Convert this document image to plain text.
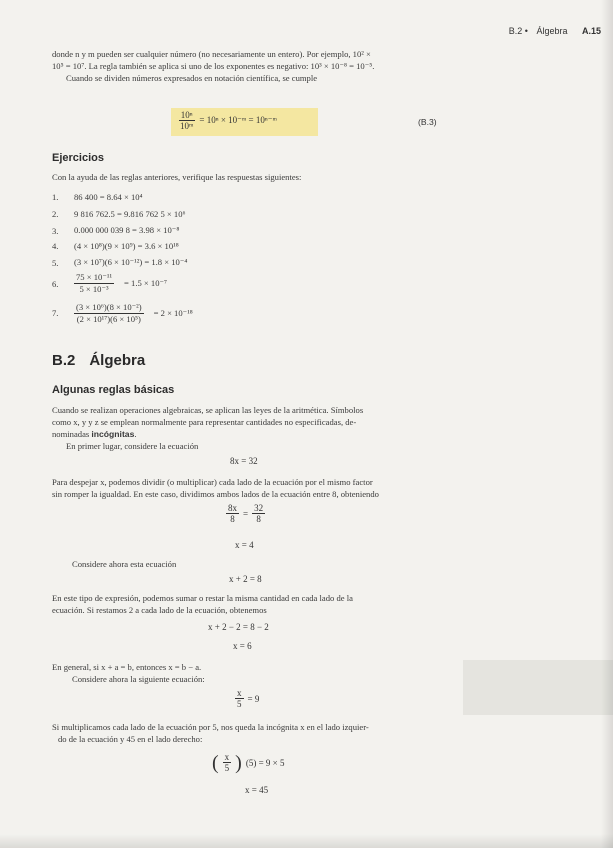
B.2 • Álgebra A.15
donde n y m pueden ser cualquier número (no necesariamente un entero). Por ejemplo, 10² ×
10⁵ = 10⁷. La regla también se aplica si uno de los exponentes es negativo: 10³ × 10⁻⁸ = 10⁻⁵.
Cuando se dividen números expresados en notación científica, se cumple
$\frac{\text{10ⁿ}}{\text{10ᵐ}} = 10^n$ × 10⁻ᵐ = 10ⁿ⁻ᵐ	(B.3)
Ejercicios
Con la ayuda de las reglas anteriores, verifique las respuestas siguientes:
1.	86 400 = 8.64 × 10⁴
2.	9 816 762.5 = 9.816 762 5 × 10⁶
3.	0.000 000 039 8 = 3.98 × 10⁻⁸
4.	(4 × 10⁸)(9 × 10⁹) = 3.6 × 10¹⁸
5.	(3 × 10⁷)(6 × 10⁻¹²) = 1.8 × 10⁻⁴
6.	$\frac{\text{75 × 10⁻¹¹}}{\text{5 × 10⁻³}} = 1.5 \times 10^{-7}$
7.	$\frac{\text{(3 × 10⁶)(8 × 10⁻²)}}{\text{(2 × 10¹⁷)(6 × 10⁵)}} = 2 \times 10^{-18}$
B.2 Álgebra
Algunas reglas básicas
Cuando se realizan operaciones algebraicas, se aplican las leyes de la aritmética. Símbolos
como x, y y z se emplean normalmente para representar cantidades no especificadas, de-
nominadas incógnitas.
En primer lugar, considere la ecuación
8x = 32
Para despejar x, podemos dividir (o multiplicar) cada lado de la ecuación por el mismo factor
sin romper la igualdad. En este caso, dividimos ambos lados de la ecuación entre 8, obteniendo
$\frac{8x}{8} = \frac{32}{8}$
x = 4
Considere ahora esta ecuación
x + 2 = 8
En este tipo de expresión, podemos sumar o restar la misma cantidad en cada lado de la
ecuación. Si restamos 2 a cada lado de la ecuación, obtenemos
x + 2 − 2 = 8 − 2
x = 6
En general, si x + a = b, entonces x = b − a.
Considere ahora la siguiente ecuación:
$\frac{x}{5} = 9$
Si multiplicamos cada lado de la ecuación por 5, nos queda la incógnita x en el lado izquier-
do de la ecuación y 45 en el lado derecho:
( $\frac{x}{5}$ ) (5) = 9 × 5
x = 45
